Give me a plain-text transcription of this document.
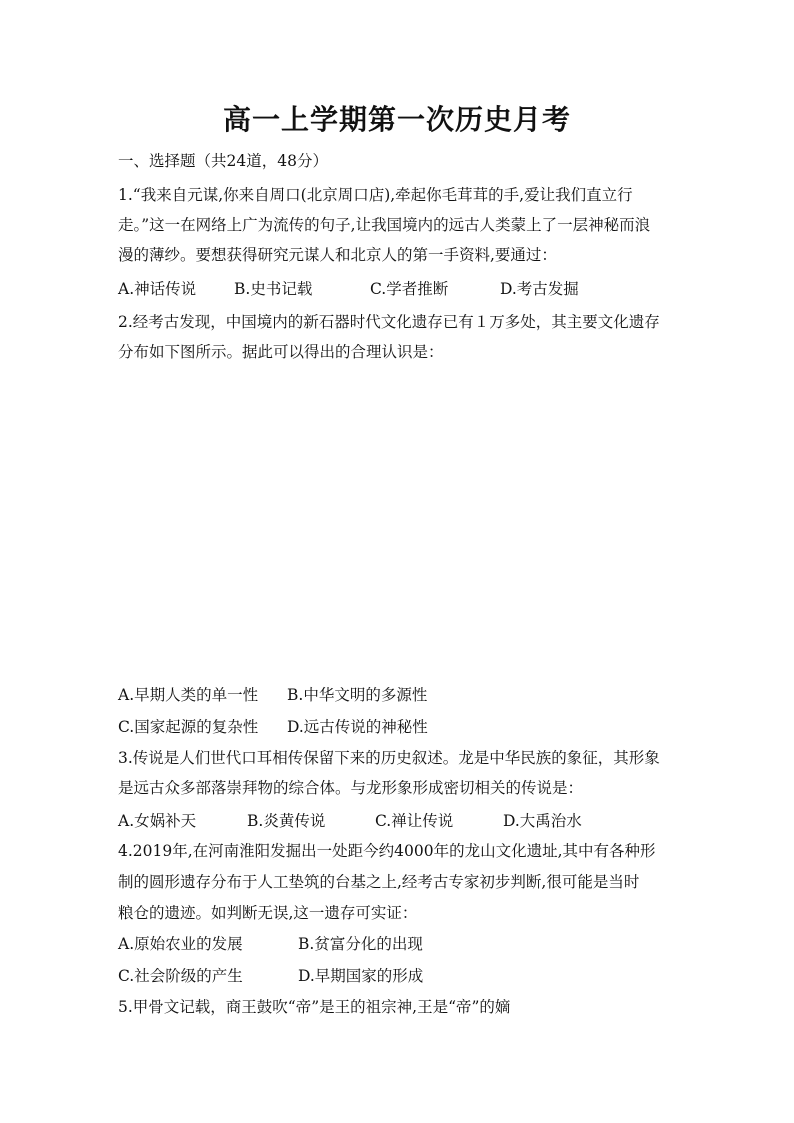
高一上学期第一次历史月考
一、选择题（共24道，48分）
1.“我来自元谋,你来自周口(北京周口店),牵起你毛茸茸的手,爱让我们直立行
走。”这一在网络上广为流传的句子,让我国境内的远古人类蒙上了一层神秘而浪
漫的薄纱。要想获得研究元谋人和北京人的第一手资料,要通过：
A.神话传说 B.史书记载	C.学者推断	D.考古发掘
2.经考古发现，中国境内的新石器时代文化遗存已有１万多处，其主要文化遗存
分布如下图所示。据此可以得出的合理认识是：
A.早期人类的单一性 B.中华文明的多源性
C.国家起源的复杂性 D.远古传说的神秘性
3.传说是人们世代口耳相传保留下来的历史叙述。龙是中华民族的象征，其形象
是远古众多部落崇拜物的综合体。与龙形象形成密切相关的传说是：
A.女娲补天	B.炎黄传说	C.禅让传说	D.大禹治水
4.2019年,在河南淮阳发掘出一处距今约4000年的龙山文化遗址,其中有各种形
制的圆形遗存分布于人工垫筑的台基之上,经考古专家初步判断,很可能是当时
粮仓的遗迹。如判断无误,这一遗存可实证：
A.原始农业的发展	B.贫富分化的出现
C.社会阶级的产生	D.早期国家的形成
5.甲骨文记载，商王鼓吹“帝”是王的祖宗神,王是“帝”的嫡
